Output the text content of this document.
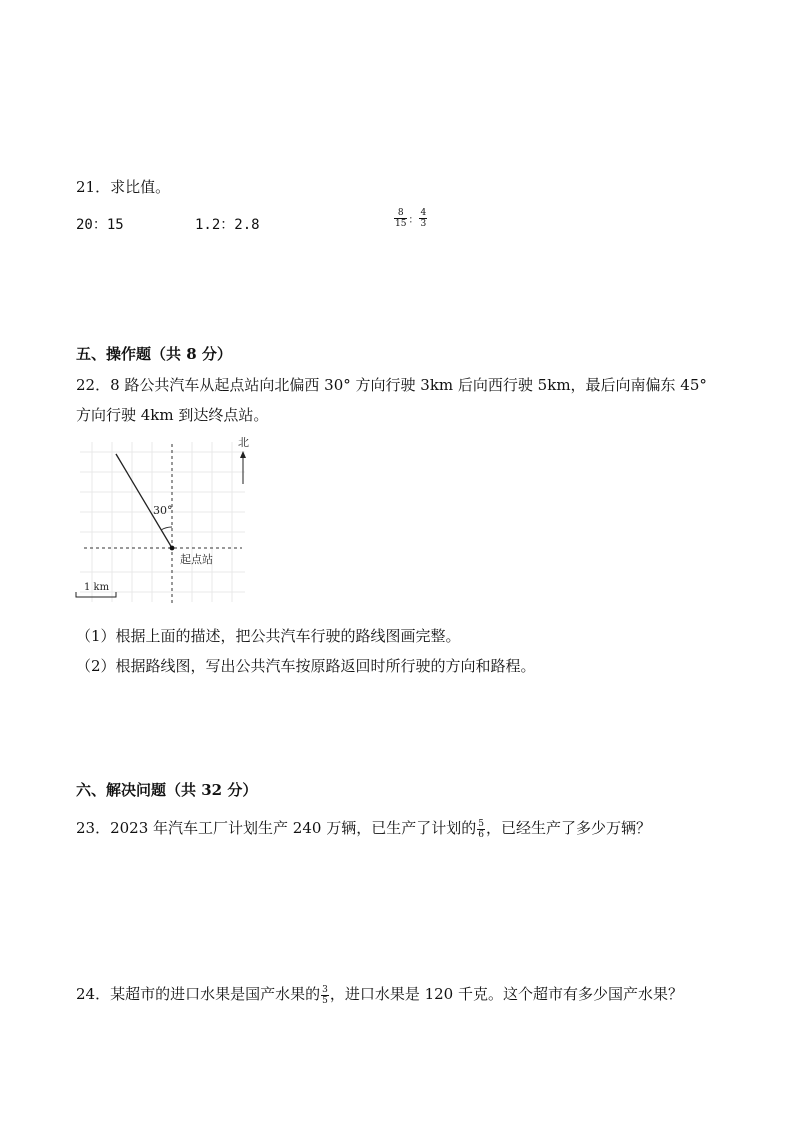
21．求比值。
20：15	1.2：2.8	$\frac{8}{15}$ ： $\frac{4}{3}$
五、操作题（共 8 分）
22．8 路公共汽车从起点站向北偏西 30° 方向行驶 3km 后向西行驶 5km，最后向南偏东 45°
方向行驶 4km 到达终点站。
30°
起点站
北
1 km
（1）根据上面的描述，把公共汽车行驶的路线图画完整。
（2）根据路线图，写出公共汽车按原路返回时所行驶的方向和路程。
六、解决问题（共 32 分）
23．2023 年汽车工厂计划生产 240 万辆，已生产了计划的 $\frac{5}{6}$ ，已经生产了多少万辆？
24．某超市的进口水果是国产水果的 $\frac{3}{5}$ ，进口水果是 120 千克。这个超市有多少国产水果？
